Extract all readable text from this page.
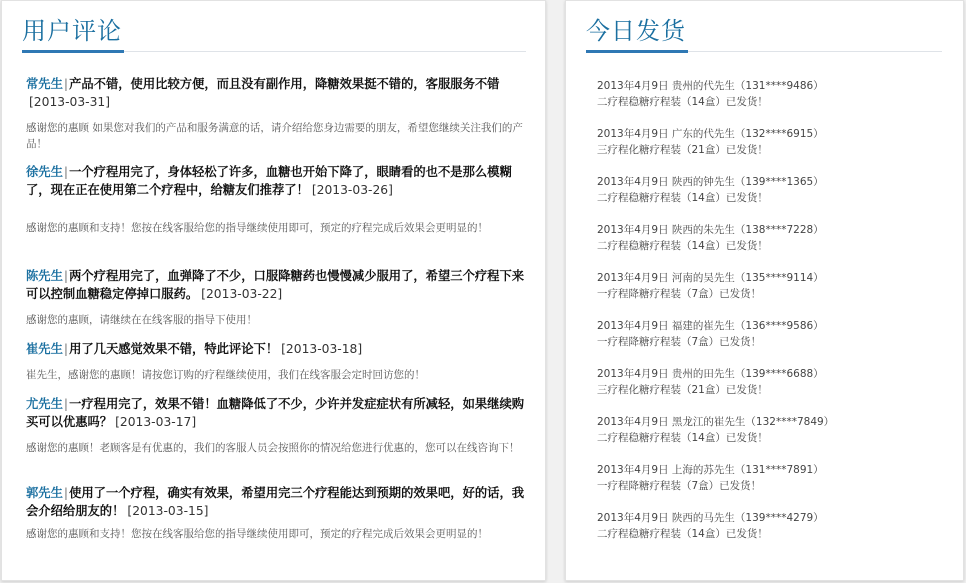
用户评论

常先生|产品不错，使用比较方便，而且没有副作用，降糖效果挺不错的，客服服务不错[2013-03-31]

感谢您的惠顾 如果您对我们的产品和服务满意的话，请介绍给您身边需要的朋友，希望您继续关注我们的产品！

徐先生|一个疗程用完了，身体轻松了许多，血糖也开始下降了，眼睛看的也不是那么模糊了，现在正在使用第二个疗程中，给糖友们推荐了！ [2013-03-26]

感谢您的惠顾和支持！您按在线客服给您的指导继续使用即可，预定的疗程完成后效果会更明显的！

陈先生|两个疗程用完了，血弹降了不少，口服降糖药也慢慢减少服用了，希望三个疗程下来可以控制血糖稳定停掉口服药。 [2013-03-22]

感谢您的惠顾，请继续在在线客服的指导下使用！

崔先生|用了几天感觉效果不错，特此评论下！ [2013-03-18]

崔先生，感谢您的惠顾！请按您订购的疗程继续使用，我们在线客服会定时回访您的！

尤先生|一疗程用完了，效果不错！血糖降低了不少，少许并发症症状有所减轻，如果继续购买可以优惠吗？ [2013-03-17]

感谢您的惠顾！老顾客是有优惠的，我们的客服人员会按照你的情况给您进行优惠的，您可以在线咨询下！

郭先生|使用了一个疗程，确实有效果，希望用完三个疗程能达到预期的效果吧，好的话，我会介绍给朋友的！ [2013-03-15]

感谢您的惠顾和支持！您按在线客服给您的指导继续使用即可，预定的疗程完成后效果会更明显的！

今日发货
2013年4月9日 贵州的代先生（131****9486）
二疗程稳糖疗程装（14盒）已发货！
2013年4月9日 广东的代先生（132****6915）
三疗程化糖疗程装（21盒）已发货！
2013年4月9日 陕西的钟先生（139****1365）
二疗程稳糖疗程装（14盒）已发货！
2013年4月9日 陕西的朱先生（138****7228）
二疗程稳糖疗程装（14盒）已发货！
2013年4月9日 河南的吴先生（135****9114）
一疗程降糖疗程装（7盒）已发货！
2013年4月9日 福建的崔先生（136****9586）
一疗程降糖疗程装（7盒）已发货！
2013年4月9日 贵州的田先生（139****6688）
三疗程化糖疗程装（21盒）已发货！
2013年4月9日 黑龙江的崔先生（132****7849）
二疗程稳糖疗程装（14盒）已发货！
2013年4月9日 上海的苏先生（131****7891）
一疗程降糖疗程装（7盒）已发货！
2013年4月9日 陕西的马先生（139****4279）
二疗程稳糖疗程装（14盒）已发货！
